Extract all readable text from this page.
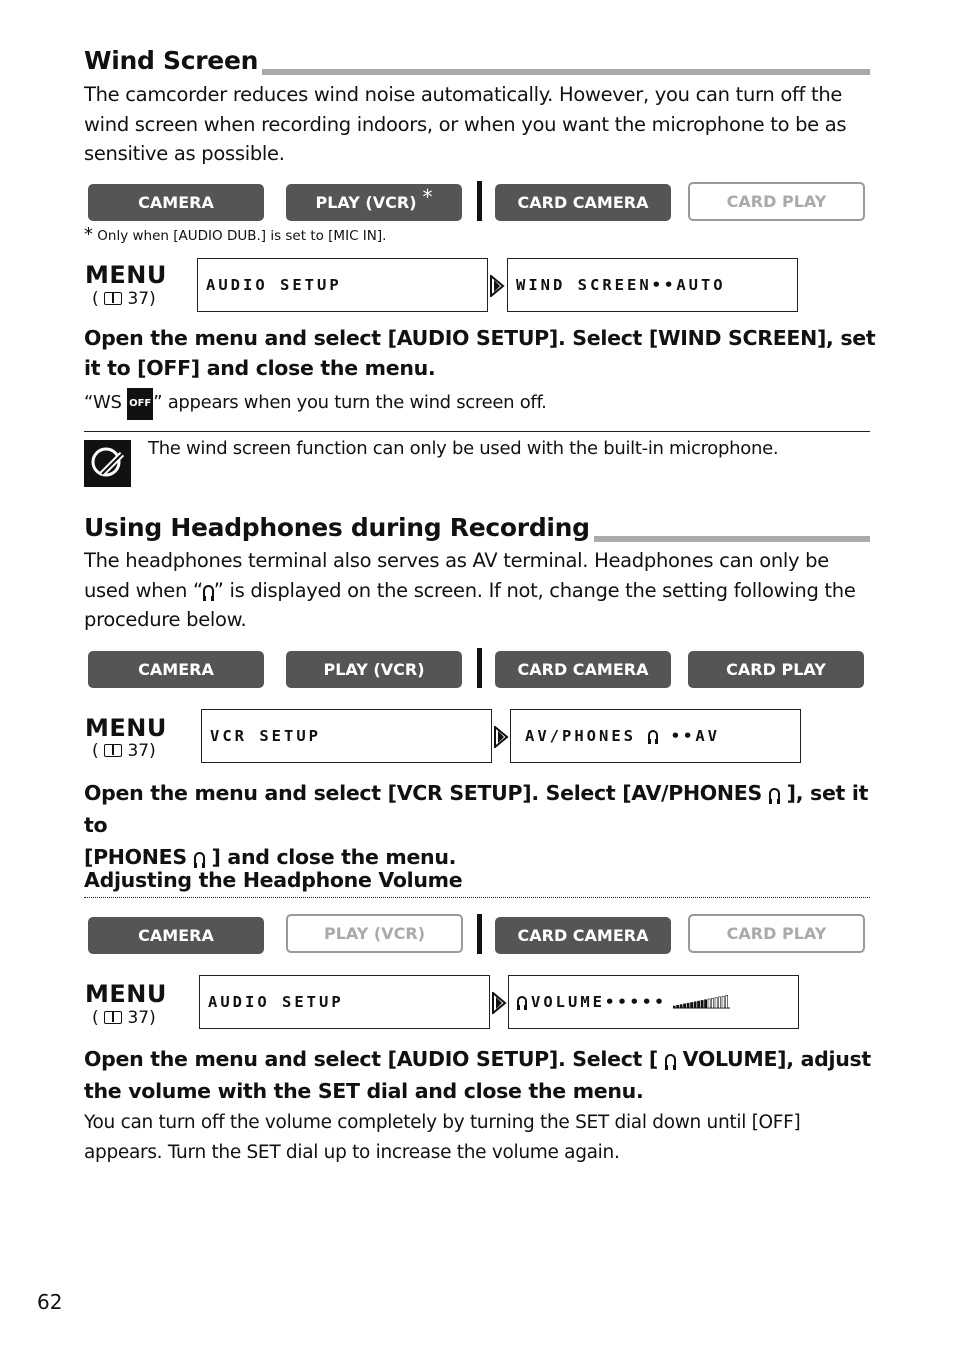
Wind Screen
The camcorder reduces wind noise automatically. However, you can turn off the wind screen when recording indoors, or when you want the microphone to be as sensitive as possible.
CAMERA	PLAY (VCR) *	CARD CAMERA	CARD PLAY
* Only when [AUDIO DUB.] is set to [MIC IN].
MENU
(  37)
AUDIO SETUP	WIND SCREEN••AUTO
Open the menu and select [AUDIO SETUP]. Select [WIND SCREEN], set it to [OFF] and close the menu.
“WS OFF ” appears when you turn the wind screen off.
The wind screen function can only be used with the built-in microphone.
Using Headphones during Recording
The headphones terminal also serves as AV terminal. Headphones can only be used when “ ” is displayed on the screen. If not, change the setting following the procedure below.
CAMERA	PLAY (VCR)	CARD CAMERA	CARD PLAY
MENU
(  37)
VCR SETUP	AV/PHONES

••AV
Open the menu and select [VCR SETUP]. Select [AV/PHONES ], set it to
[PHONES ] and close the menu.
Adjusting the Headphone Volume
CAMERA	PLAY (VCR)	CARD CAMERA	CARD PLAY
MENU
(  37)
AUDIO SETUP	VOLUME•••••
Open the menu and select [AUDIO SETUP]. Select [ VOLUME], adjust the volume with the SET dial and close the menu.
You can turn off the volume completely by turning the SET dial down until [OFF] appears. Turn the SET dial up to increase the volume again.
62
